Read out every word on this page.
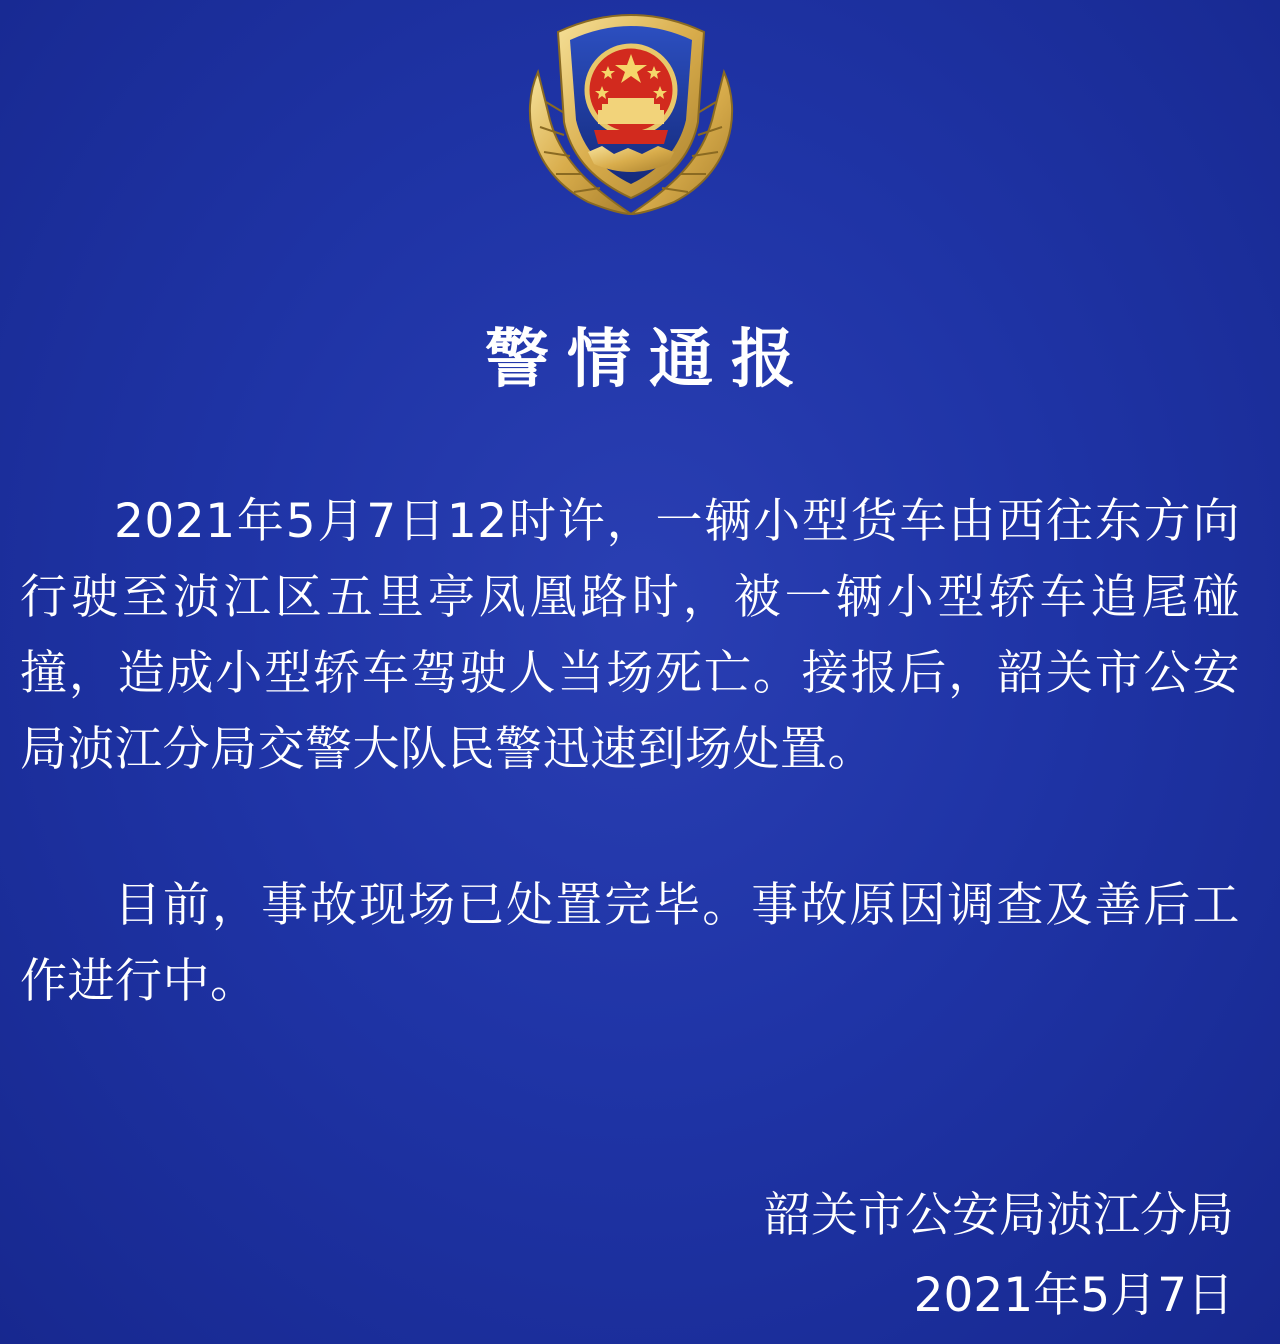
警情通报

2021年5月7日12时许，一辆小型货车由西往东方向行驶至浈江区五里亭凤凰路时，被一辆小型轿车追尾碰撞，造成小型轿车驾驶人当场死亡。接报后，韶关市公安局浈江分局交警大队民警迅速到场处置。

目前，事故现场已处置完毕。事故原因调查及善后工作进行中。

韶关市公安局浈江分局

2021年5月7日
